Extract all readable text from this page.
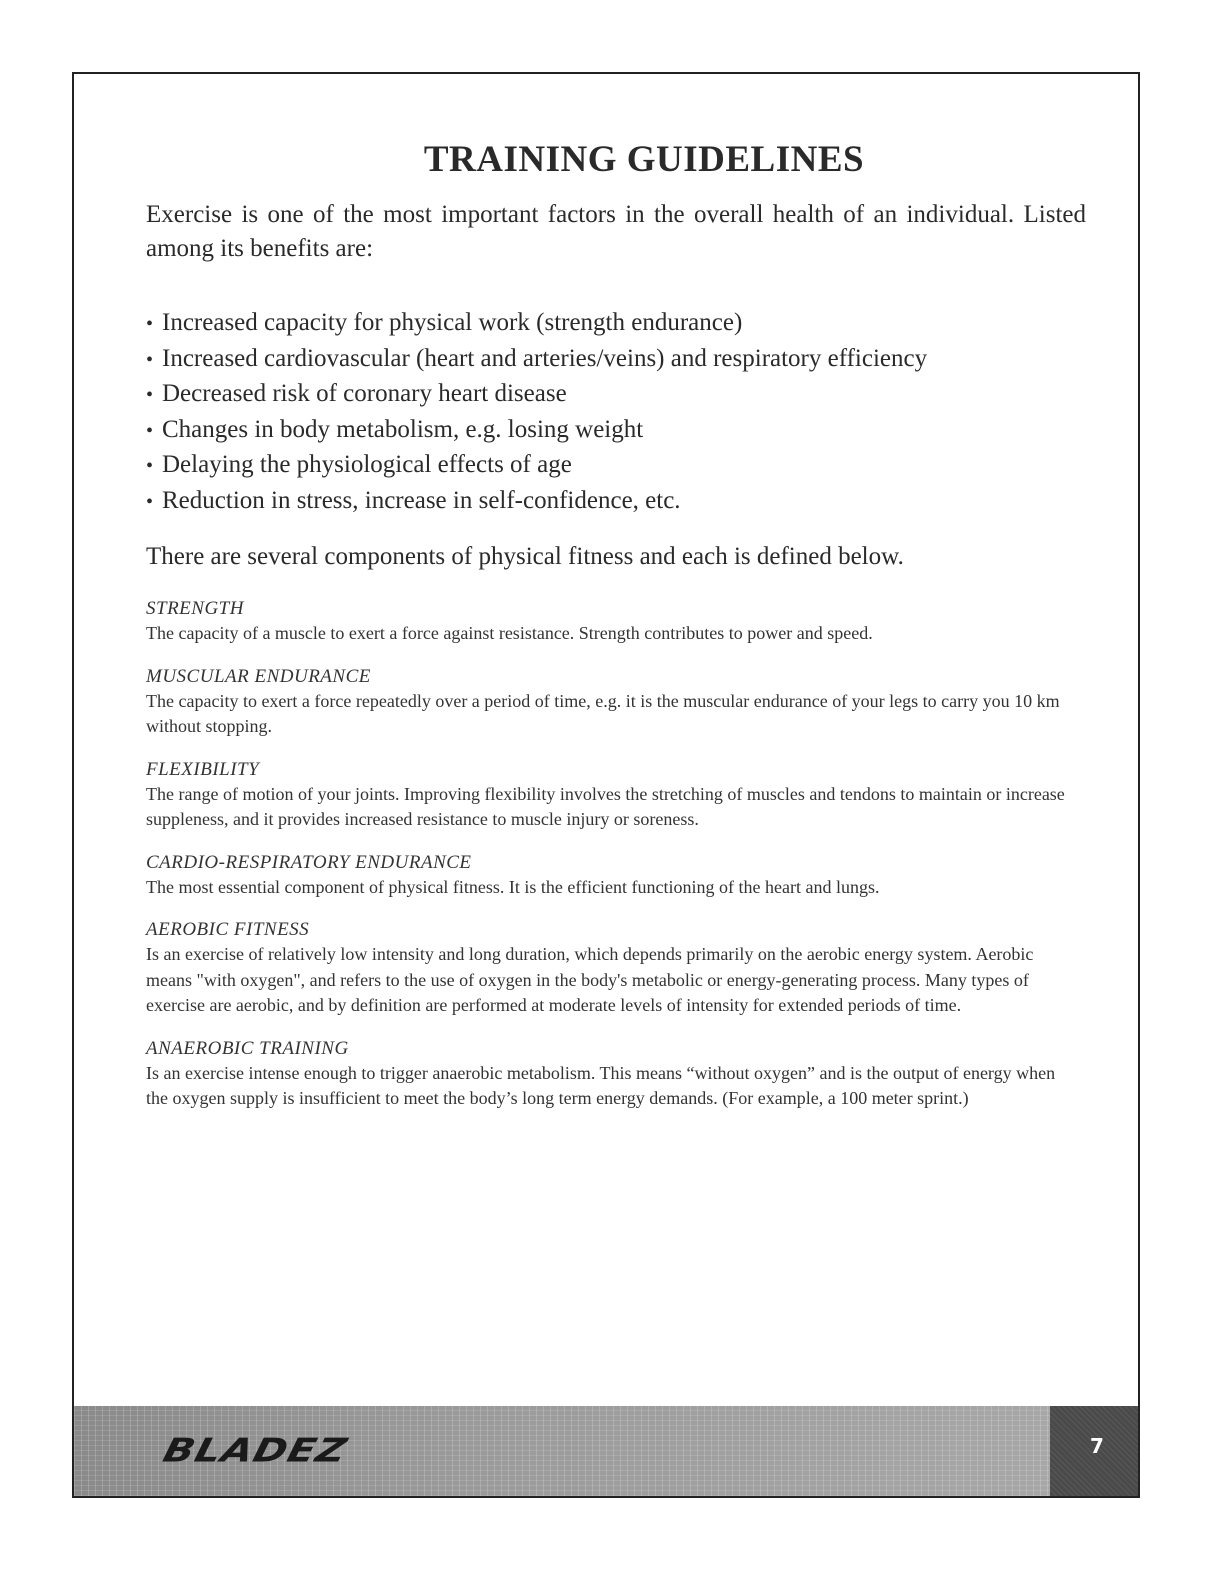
TRAINING GUIDELINES

Exercise is one of the most important factors in the overall health of an individual. Listed among its benefits are:

• Increased capacity for physical work (strength endurance)
• Increased cardiovascular (heart and arteries/veins) and respiratory efficiency
• Decreased risk of coronary heart disease
• Changes in body metabolism, e.g. losing weight
• Delaying the physiological effects of age
• Reduction in stress, increase in self-confidence, etc.

There are several components of physical fitness and each is defined below.

STRENGTH

The capacity of a muscle to exert a force against resistance. Strength contributes to power and speed.

MUSCULAR ENDURANCE

The capacity to exert a force repeatedly over a period of time, e.g. it is the muscular endurance of your legs to carry you 10 km without stopping.

FLEXIBILITY

The range of motion of your joints. Improving flexibility involves the stretching of muscles and tendons to maintain or increase suppleness, and it provides increased resistance to muscle injury or soreness.

CARDIO-RESPIRATORY ENDURANCE

The most essential component of physical fitness. It is the efficient functioning of the heart and lungs.

AEROBIC FITNESS

Is an exercise of relatively low intensity and long duration, which depends primarily on the aerobic energy system. Aerobic means "with oxygen", and refers to the use of oxygen in the body's metabolic or energy-generating process. Many types of exercise are aerobic, and by definition are performed at moderate levels of intensity for extended periods of time.

ANAEROBIC TRAINING

Is an exercise intense enough to trigger anaerobic metabolism. This means “without oxygen” and is the output of energy when the oxygen supply is insufficient to meet the body’s long term energy demands. (For example, a 100 meter sprint.)

BLADEZ	7
